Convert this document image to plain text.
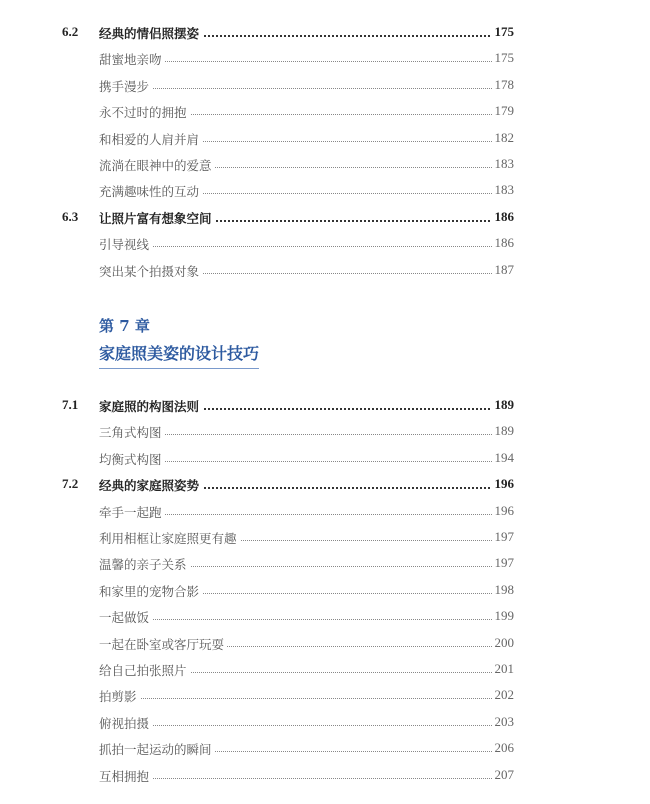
6.2 经典的情侣照摆姿	175
甜蜜地亲吻	175
携手漫步	178
永不过时的拥抱	179
和相爱的人肩并肩	182
流淌在眼神中的爱意	183
充满趣味性的互动	183
6.3 让照片富有想象空间	186
引导视线	186
突出某个拍摄对象	187
第 7 章
家庭照美姿的设计技巧
7.1 家庭照的构图法则	189
三角式构图	189
均衡式构图	194
7.2 经典的家庭照姿势	196
牵手一起跑	196
利用相框让家庭照更有趣	197
温馨的亲子关系	197
和家里的宠物合影	198
一起做饭	199
一起在卧室或客厅玩耍	200
给自己拍张照片	201
拍剪影	202
俯视拍摄	203
抓拍一起运动的瞬间	206
互相拥抱	207
